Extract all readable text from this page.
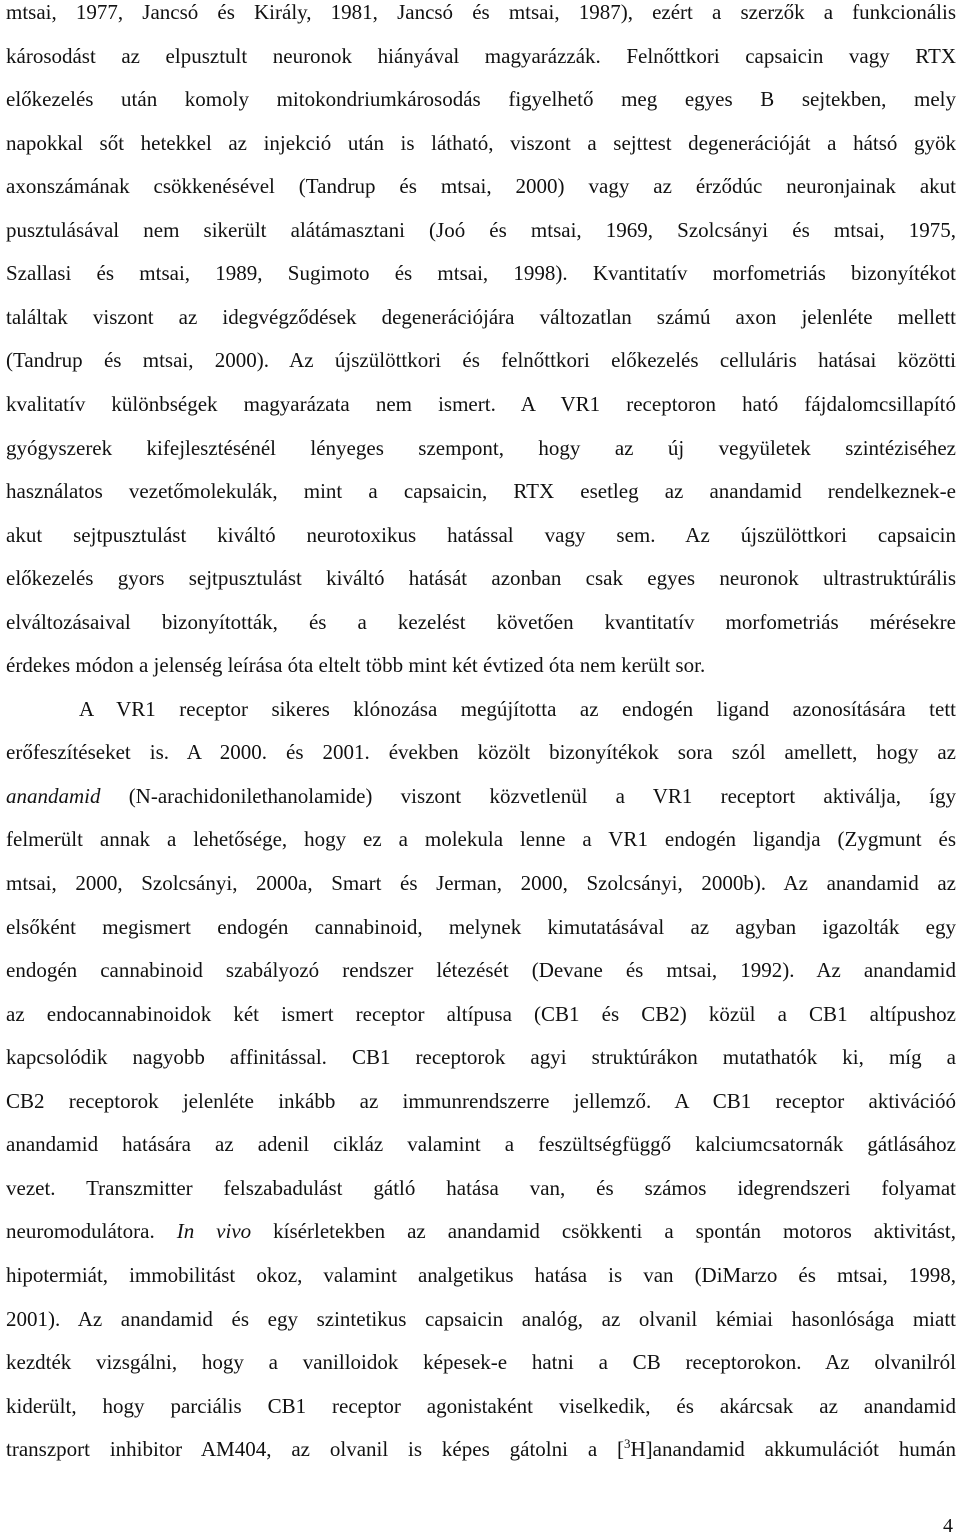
mtsai, 1977, Jancsó és Király, 1981, Jancsó és mtsai, 1987), ezért a szerzők a funkcionális
károsodást az elpusztult neuronok hiányával magyarázzák. Felnőttkori capsaicin vagy RTX
előkezelés után komoly mitokondriumkárosodás figyelhető meg egyes B sejtekben, mely
napokkal sőt hetekkel az injekció után is látható, viszont a sejttest degenerációját a hátsó gyök
axonszámának csökkenésével (Tandrup és mtsai, 2000) vagy az érződúc neuronjainak akut
pusztulásával nem sikerült alátámasztani (Joó és mtsai, 1969, Szolcsányi és mtsai, 1975,
Szallasi és mtsai, 1989, Sugimoto és mtsai, 1998). Kvantitatív morfometriás bizonyítékot
találtak viszont az idegvégződések degenerációjára változatlan számú axon jelenléte mellett
(Tandrup és mtsai, 2000). Az újszülöttkori és felnőttkori előkezelés celluláris hatásai közötti
kvalitatív különbségek magyarázata nem ismert. A VR1 receptoron ható fájdalomcsillapító
gyógyszerek kifejlesztésénél lényeges szempont, hogy az új vegyületek szintéziséhez
használatos vezetőmolekulák, mint a capsaicin, RTX esetleg az anandamid rendelkeznek-e
akut sejtpusztulást kiváltó neurotoxikus hatással vagy sem. Az újszülöttkori capsaicin
előkezelés gyors sejtpusztulást kiváltó hatását azonban csak egyes neuronok ultrastruktúrális
elváltozásaival bizonyították, és a kezelést követően kvantitatív morfometriás mérésekre
érdekes módon a jelenség leírása óta eltelt több mint két évtized óta nem került sor.
A VR1 receptor sikeres klónozása megújította az endogén ligand azonosítására tett
erőfeszítéseket is. A 2000. és 2001. években közölt bizonyítékok sora szól amellett, hogy az
anandamid (N-arachidonilethanolamide) viszont közvetlenül a VR1 receptort aktiválja, így
felmerült annak a lehetősége, hogy ez a molekula lenne a VR1 endogén ligandja (Zygmunt és
mtsai, 2000, Szolcsányi, 2000a, Smart és Jerman, 2000, Szolcsányi, 2000b). Az anandamid az
elsőként megismert endogén cannabinoid, melynek kimutatásával az agyban igazolták egy
endogén cannabinoid szabályozó rendszer létezését (Devane és mtsai, 1992). Az anandamid
az endocannabinoidok két ismert receptor altípusa (CB1 és CB2) közül a CB1 altípushoz
kapcsolódik nagyobb affinitással. CB1 receptorok agyi struktúrákon mutathatók ki, míg a
CB2 receptorok jelenléte inkább az immunrendszerre jellemző. A CB1 receptor aktivációó
anandamid hatására az adenil cikláz valamint a feszültségfüggő kalciumcsatornák gátlásához
vezet. Transzmitter felszabadulást gátló hatása van, és számos idegrendszeri folyamat
neuromodulátora. In vivo kísérletekben az anandamid csökkenti a spontán motoros aktivitást,
hipotermiát, immobilitást okoz, valamint analgetikus hatása is van (DiMarzo és mtsai, 1998,
2001). Az anandamid és egy szintetikus capsaicin analóg, az olvanil kémiai hasonlósága miatt
kezdték vizsgálni, hogy a vanilloidok képesek-e hatni a CB receptorokon. Az olvanilról
kiderült, hogy parciális CB1 receptor agonistaként viselkedik, és akárcsak az anandamid
transzport inhibitor AM404, az olvanil is képes gátolni a [$^3$H]anandamid akkumulációt humán
4
